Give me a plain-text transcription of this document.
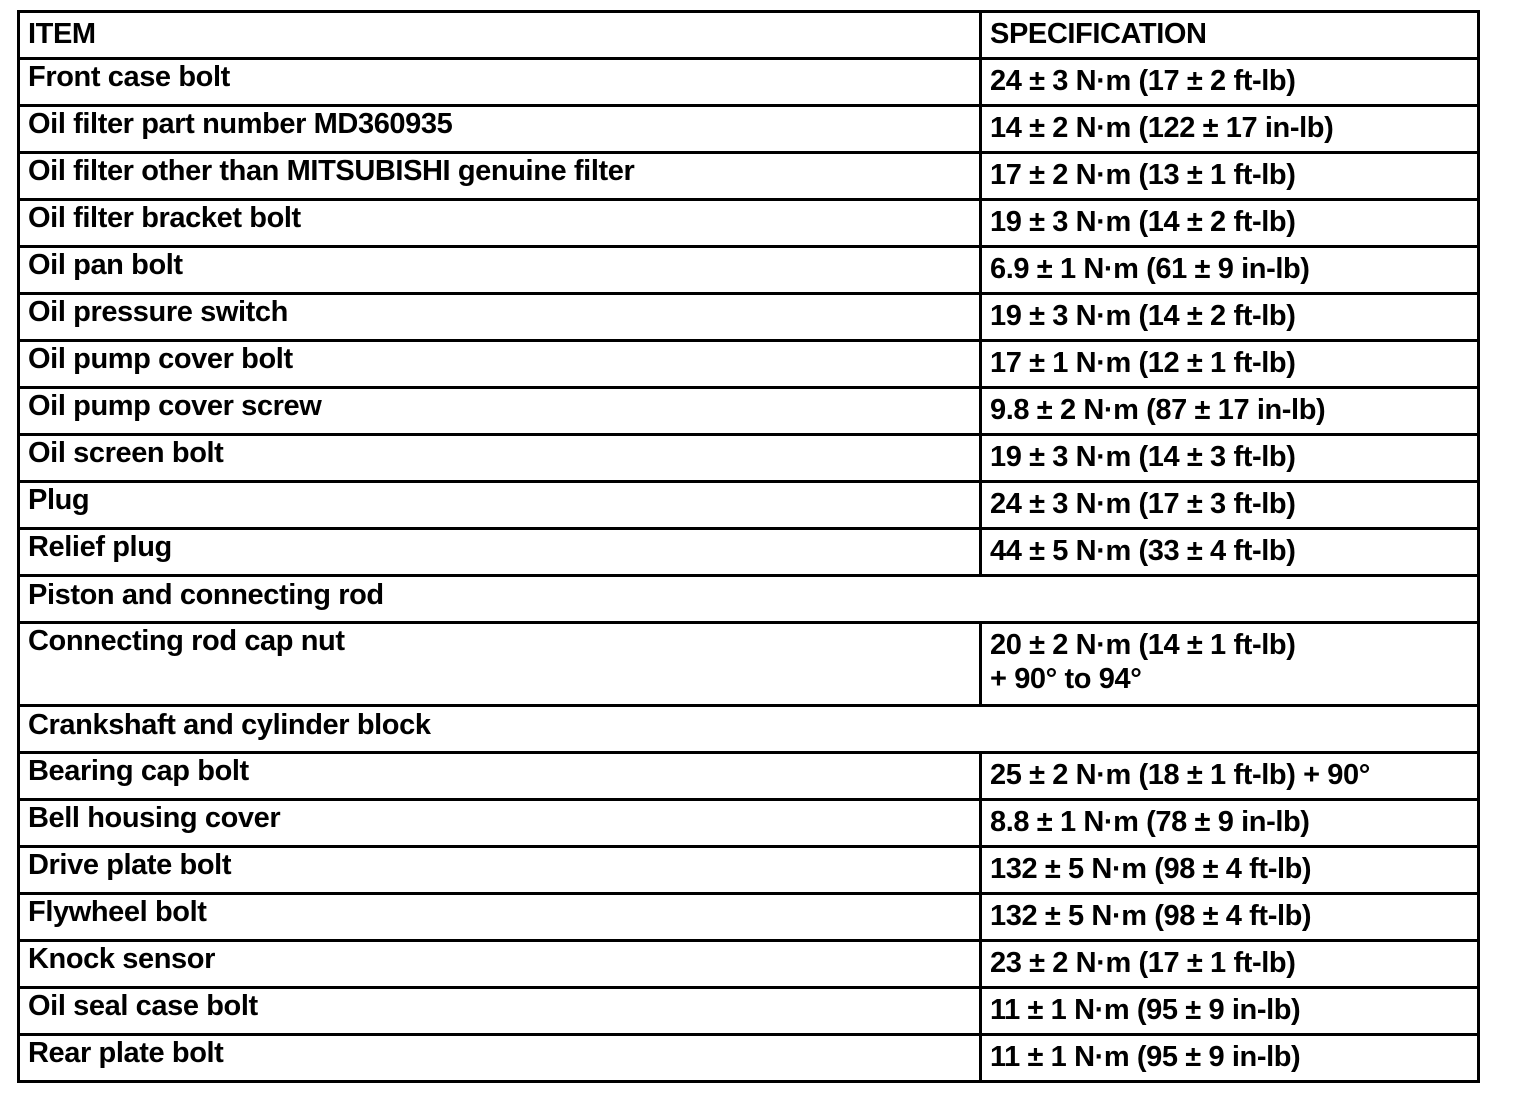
ITEM	SPECIFICATION
Front case bolt	24 ± 3 N·m (17 ± 2 ft-lb)
Oil filter part number MD360935	14 ± 2 N·m (122 ± 17 in-lb)
Oil filter other than MITSUBISHI genuine filter	17 ± 2 N·m (13 ± 1 ft-lb)
Oil filter bracket bolt	19 ± 3 N·m (14 ± 2 ft-lb)
Oil pan bolt	6.9 ± 1 N·m (61 ± 9 in-lb)
Oil pressure switch	19 ± 3 N·m (14 ± 2 ft-lb)
Oil pump cover bolt	17 ± 1 N·m (12 ± 1 ft-lb)
Oil pump cover screw	9.8 ± 2 N·m (87 ± 17 in-lb)
Oil screen bolt	19 ± 3 N·m (14 ± 3 ft-lb)
Plug	24 ± 3 N·m (17 ± 3 ft-lb)
Relief plug	44 ± 5 N·m (33 ± 4 ft-lb)
Piston and connecting rod	
Connecting rod cap nut	20 ± 2 N·m (14 ± 1 ft-lb)
+ 90° to 94°

Crankshaft and cylinder block	
Bearing cap bolt	25 ± 2 N·m (18 ± 1 ft-lb) + 90°
Bell housing cover	8.8 ± 1 N·m (78 ± 9 in-lb)
Drive plate bolt	132 ± 5 N·m (98 ± 4 ft-lb)
Flywheel bolt	132 ± 5 N·m (98 ± 4 ft-lb)
Knock sensor	23 ± 2 N·m (17 ± 1 ft-lb)
Oil seal case bolt	11 ± 1 N·m (95 ± 9 in-lb)
Rear plate bolt	11 ± 1 N·m (95 ± 9 in-lb)
